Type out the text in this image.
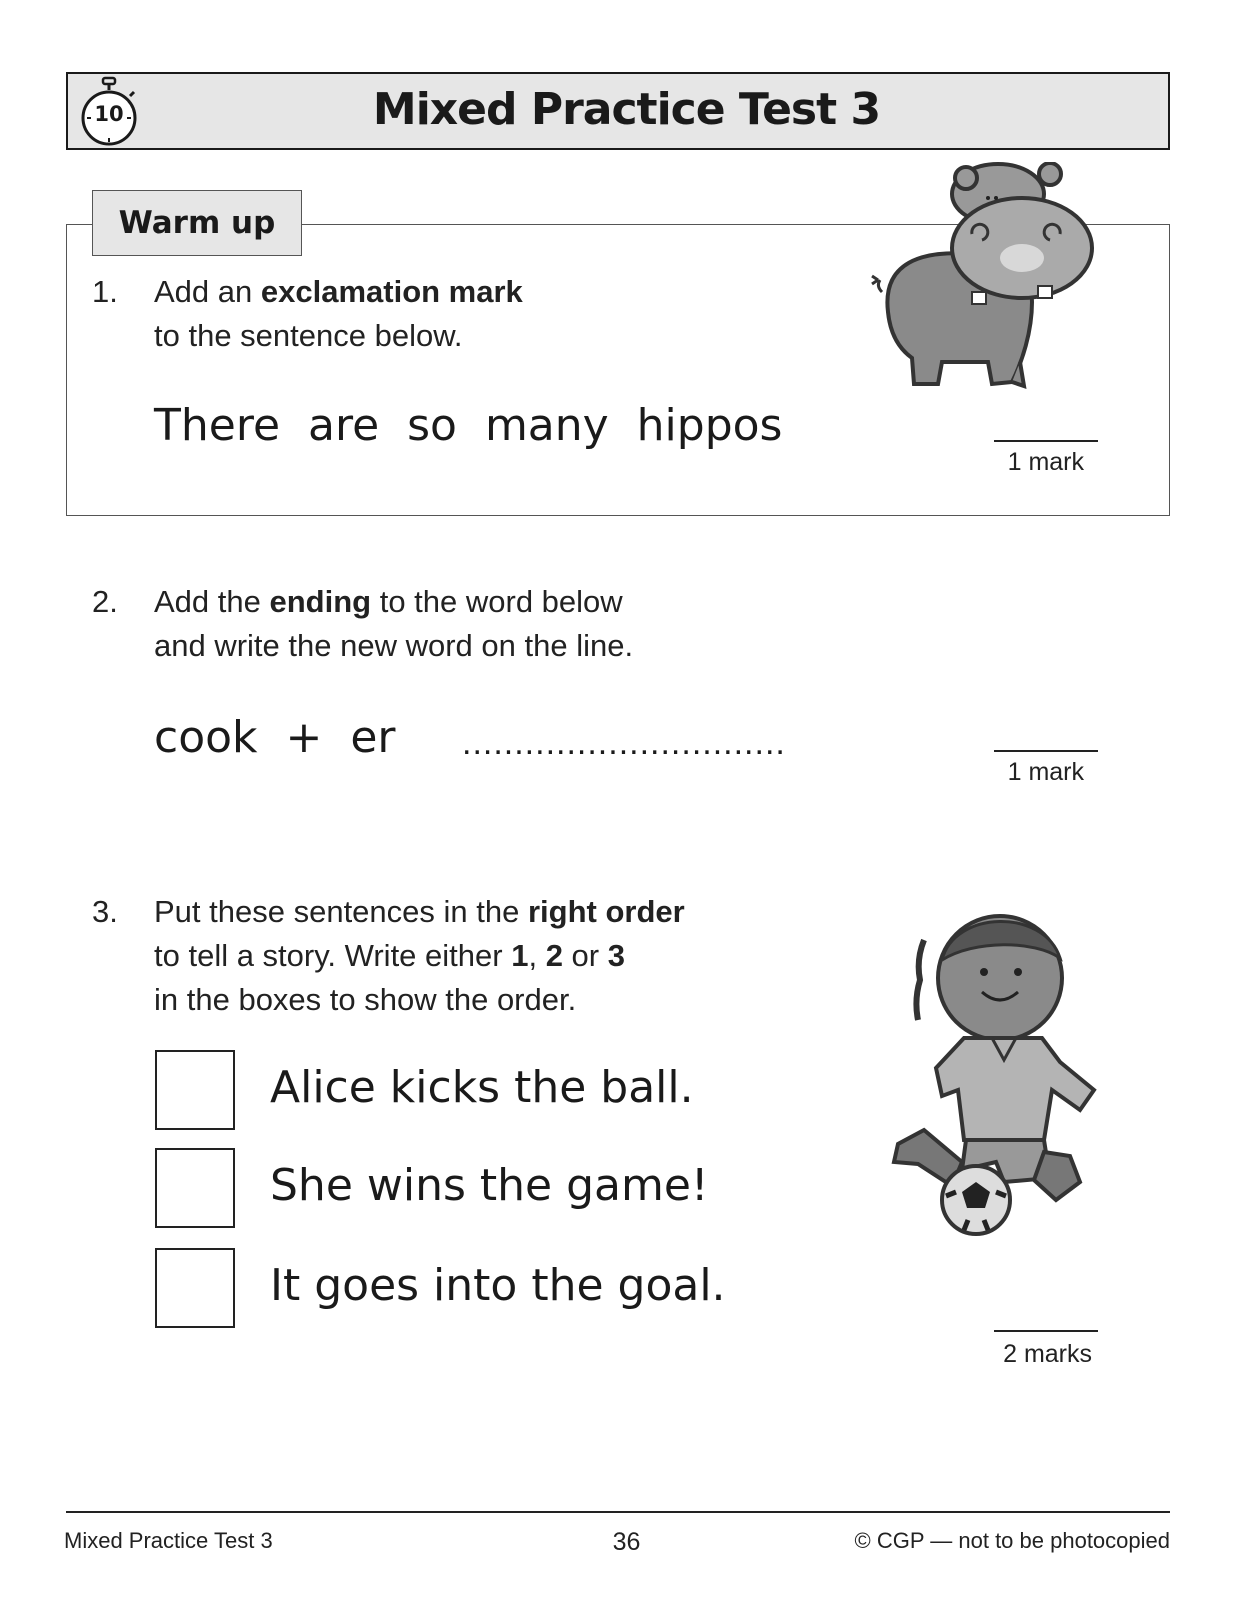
10	Mixed Practice Test 3
Warm up
1. Add an exclamation mark
to the sentence below.
There  are  so  many  hippos
1 mark
2. Add the ending to the word below
and write the new word on the line.
cook  +  er ...............................
1 mark
3. Put these sentences in the right order
to tell a story. Write either 1, 2 or 3
in the boxes to show the order.
Alice kicks the ball.
She wins the game!
It goes into the goal.
2 marks
Mixed Practice Test 3	36	© CGP — not to be photocopied
